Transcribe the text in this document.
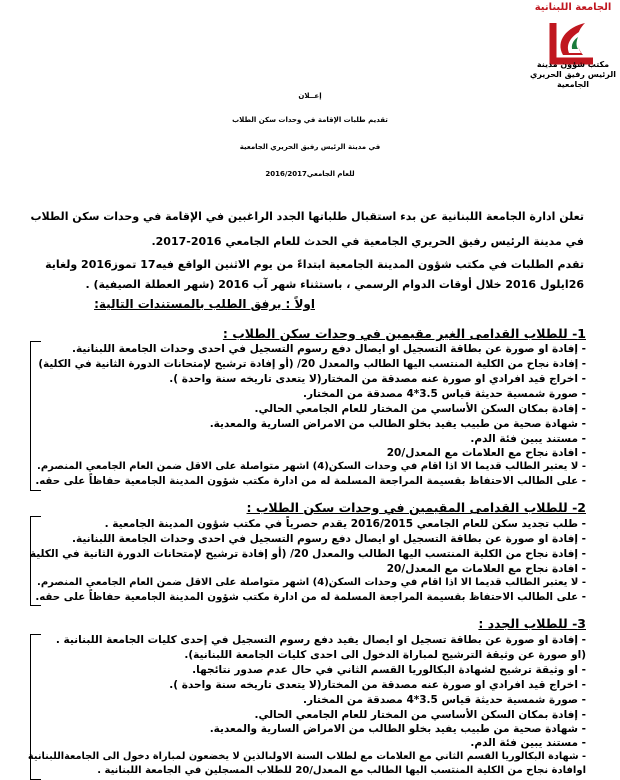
الجامعة اللبنانية
مكتب شؤون مدينة
الرئيس رفيق الحريري
الجامعية
إعــلان
تقديم طلبات الإقامة في وحدات سكن الطلاب
في مدينة الرئيس رفيق الحريري الجامعية
للعام الجامعي2016/2017
تعلن ادارة الجامعة اللبنانية عن بدء استقبال طلباتها الجدد الراغبين في الإقامة في وحدات سكن الطلاب
في مدينة الرئيس رفيق الحريري الجامعية في الحدث للعام الجامعي 2016-2017.
تقدم الطلبات في مكتب شؤون المدينة الجامعية ابتداءً من يوم الاثنين الواقع فيه17 تموز2016 ولغاية
26ايلول 2016 خلال أوقات الدوام الرسمي ، باستثناء شهر آب 2016 (شهر العطلة الصيفية) .
اولاً : يرفق الطلب بالمستندات التالية:
1- للطلاب القدامى الغير مقيمين في وحدات سكن الطلاب :
- إفادة او صورة عن بطاقة التسجيل او ايصال دفع رسوم التسجيل في احدى وحدات الجامعة اللبنانية.
- إفادة نجاح من الكلية المنتسب اليها الطالب والمعدل 20/ (أو إفادة ترشيح لإمتحانات الدورة الثانية في الكلية)
- اخراج قيد افرادي او صورة عنه مصدقة من المختار(لا يتعدى تاريخه سنة واحدة ).
- صورة شمسية حديثة قياس 3.5*4 مصدقة من المختار.
- إفادة بمكان السكن الأساسي من المختار للعام الجامعي الحالي.
- شهادة صحية من طبيب يفيد بخلو الطالب من الامراض السارية والمعدية.
- مستند يبين فئة الدم.
- افادة نجاح مع العلامات مع المعدل/20
- لا يعتبر الطالب قديما الا اذا اقام في وحدات السكن(4) اشهر متواصلة على الاقل ضمن العام الجامعي المنصرم.
- على الطالب الاحتفاظ بقسيمة المراجعة المسلمة له من ادارة مكتب شؤون المدينة الجامعية حفاظاً على حقه.
2- للطلاب القدامى المقيمين في وحدات سكن الطلاب :
- طلب تجديد سكن للعام الجامعي 2016/2015 يقدم حصرياً في مكتب شؤون المدينة الجامعية .
- إفادة او صورة عن بطاقة التسجيل او ايصال دفع رسوم التسجيل في احدى وحدات الجامعة اللبنانية.
- إفادة نجاح من الكلية المنتسب اليها الطالب والمعدل 20/ (أو إفادة ترشيح لإمتحانات الدورة الثانية في الكلية
- افادة نجاح مع العلامات مع المعدل/20
- لا يعتبر الطالب قديما الا اذا اقام في وحدات السكن(4) اشهر متواصلة على الاقل ضمن العام الجامعي المنصرم.
- على الطالب الاحتفاظ بقسيمة المراجعة المسلمة له من ادارة مكتب شؤون المدينة الجامعية حفاظاً على حقه.
3- للطلاب الجدد :
- إفادة او صورة عن بطاقة تسجيل او ايصال يفيد دفع رسوم التسجيل في إحدى كليات الجامعة اللبنانية .
(او صورة عن وثيقة الترشيح لمباراة الدخول الى احدى كليات الجامعة اللبنانية).
- او وثيقة ترشيح لشهادة البكالوريا القسم الثاني في حال عدم صدور نتائجها.
- اخراج قيد افرادي او صورة عنه مصدقة من المختار(لا يتعدى تاريخه سنة واحدة ).
- صورة شمسية حديثة قياس 3.5*4 مصدقة من المختار.
- إفادة بمكان السكن الأساسي من المختار للعام الجامعي الحالي.
- شهادة صحية من طبيب يفيد بخلو الطالب من الامراض السارية والمعدية.
- مستند يبين فئة الدم.
- شهادة البكالوريا القسم الثاني مع العلامات مع لطلاب السنة الاولىالذين لا يخضعون لمباراة دخول الى الجامعةاللبنانية
اوافادة نجاح من الكلية المنتسب اليها الطالب مع المعدل/20 للطلاب المسجلين في الجامعة اللبنانية .
